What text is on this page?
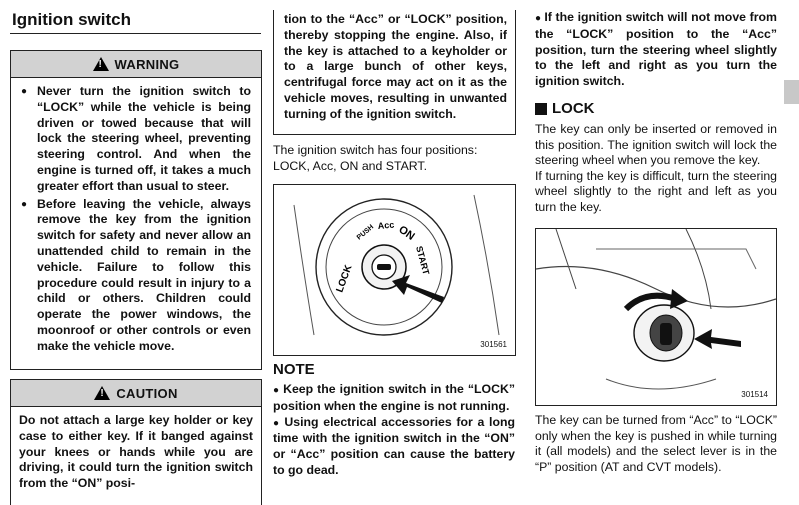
Ignition switch
!
WARNING
● Never turn the ignition switch to “LOCK” while the vehicle is being driven or towed because that will lock the steering wheel, preventing steering control. And when the engine is turned off, it takes a much greater effort than usual to steer.
● Before leaving the vehicle, always remove the key from the ignition switch for safety and never allow an unattended child to remain in the vehicle. Failure to follow this procedure could result in injury to a child or others. Children could operate the power windows, the moonroof or other controls or even make the vehicle move.
!
CAUTION
Do not attach a large key holder or key case to either key. If it banged against your knees or hands while you are driving, it could turn the ignition switch from the “ON” posi-
tion to the “Acc” or “LOCK” position, thereby stopping the engine. Also, if the key is attached to a keyholder or to a large bunch of other keys, centrifugal force may act on it as the vehicle moves, resulting in unwanted turning of the ignition switch.
The ignition switch has four positions: LOCK, Acc, ON and START.
LOCK
PUSH Acc ON
START
301561
NOTE
● Keep the ignition switch in the “LOCK” position when the engine is not running.
● Using electrical accessories for a long time with the ignition switch in the “ON” or “Acc” position can cause the battery to go dead.
● If the ignition switch will not move from the “LOCK” position to the “Acc” position, turn the steering wheel slightly to the left and right as you turn the ignition switch.
LOCK
The key can only be inserted or removed in this position. The ignition switch will lock the steering wheel when you remove the key.
If turning the key is difficult, turn the steering wheel slightly to the right and left as you turn the key.
301514
The key can be turned from “Acc” to “LOCK” only when the key is pushed in while turning it (all models) and the select lever is in the “P” position (AT and CVT models).
